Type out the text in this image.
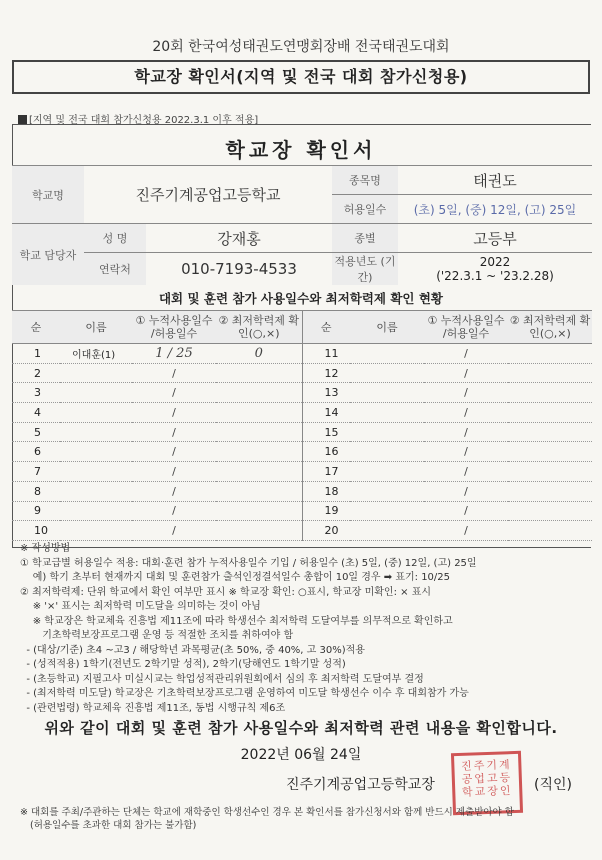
20회 한국여성태권도연맹회장배 전국태권도대회
학교장 확인서(지역 및 전국 대회 참가신청용)
[지역 및 전국 대회 참가신청용 2022.3.1 이후 적용]
학교장 확인서
학교명	진주기계공업고등학교		종목명	태권도
			허용일수	(초) 5일, (중) 12일, (고) 25일
학교 담당자	성 명	강재홍	종별	고등부
	연락처	010-7193-4533	적용년도 (기간)	2022
('22.3.1 ~ '23.2.28)
대회 및 훈련 참가 사용일수와 최저학력제 확인 현황
순	이름	① 누적사용일수 /허용일수	② 최저학력제 확인(○,×)	순	이름	① 누적사용일수 /허용일수	② 최저학력제 확인(○,×)
1	이대훈(1)	1 / 25	0	11		/	
2		/		12		/	
3		/		13		/	
4		/		14		/	
5		/		15		/	
6		/		16		/	
7		/		17		/	
8		/		18		/	
9		/		19		/	
10		/		20		/	
※ 작성방법
① 학교급별 허용일수 적용: 대회·훈련 참가 누적사용일수 기입 / 허용일수 (초) 5일, (중) 12일, (고) 25일
예) 학기 초부터 현재까지 대회 및 훈련참가 출석인정결석일수 총합이 10일 경우 ➡ 표기: 10/25
② 최저학력제: 단위 학교에서 확인 여부만 표시 ※ 학교장 확인: ○표시, 학교장 미확인: × 표시
※ '×' 표시는 최저학력 미도달을 의미하는 것이 아님
※ 학교장은 학교체육 진흥법 제11조에 따라 학생선수 최저학력 도달여부를 의무적으로 확인하고
기초학력보장프로그램 운영 등 적절한 조치를 취하여야 함
- (대상/기준) 초4 ~고3 / 해당학년 과목평균(초 50%, 중 40%, 고 30%)적용
- (성적적용) 1학기(전년도 2학기말 성적), 2학기(당해연도 1학기말 성적)
- (초등학교) 지필고사 미실시교는 학업성적관리위원회에서 심의 후 최저학력 도달여부 결정
- (최저학력 미도달) 학교장은 기초학력보장프로그램 운영하여 미도달 학생선수 이수 후 대회참가 가능
- (관련법령) 학교체육 진흥법 제11조, 동법 시행규칙 제6조
위와 같이 대회 및 훈련 참가 사용일수와 최저학력 관련 내용을 확인합니다.
2022년 06월 24일
진주기계
공업고등
학교장인
진주기계공업고등학교장	(직인)
※ 대회를 주최/주관하는 단체는 학교에 재학중인 학생선수인 경우 본 확인서를 참가신청서와 함께 반드시 제출받아야 함
(허용일수를 초과한 대회 참가는 불가함)
